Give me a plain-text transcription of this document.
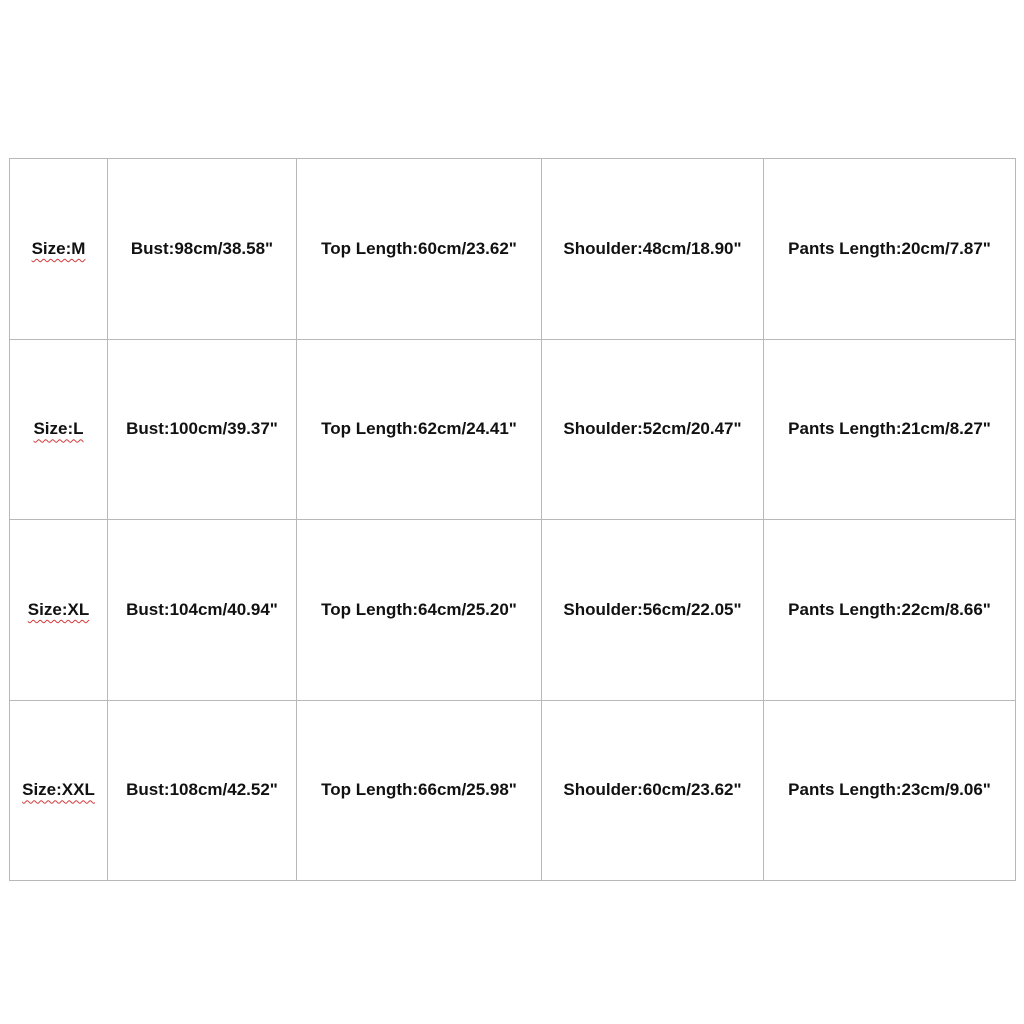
Size:M	Bust:98cm/38.58"	Top Length:60cm/23.62"	Shoulder:48cm/18.90"	Pants Length:20cm/7.87"
Size:L	Bust:100cm/39.37"	Top Length:62cm/24.41"	Shoulder:52cm/20.47"	Pants Length:21cm/8.27"
Size:XL	Bust:104cm/40.94"	Top Length:64cm/25.20"	Shoulder:56cm/22.05"	Pants Length:22cm/8.66"
Size:XXL	Bust:108cm/42.52"	Top Length:66cm/25.98"	Shoulder:60cm/23.62"	Pants Length:23cm/9.06"
